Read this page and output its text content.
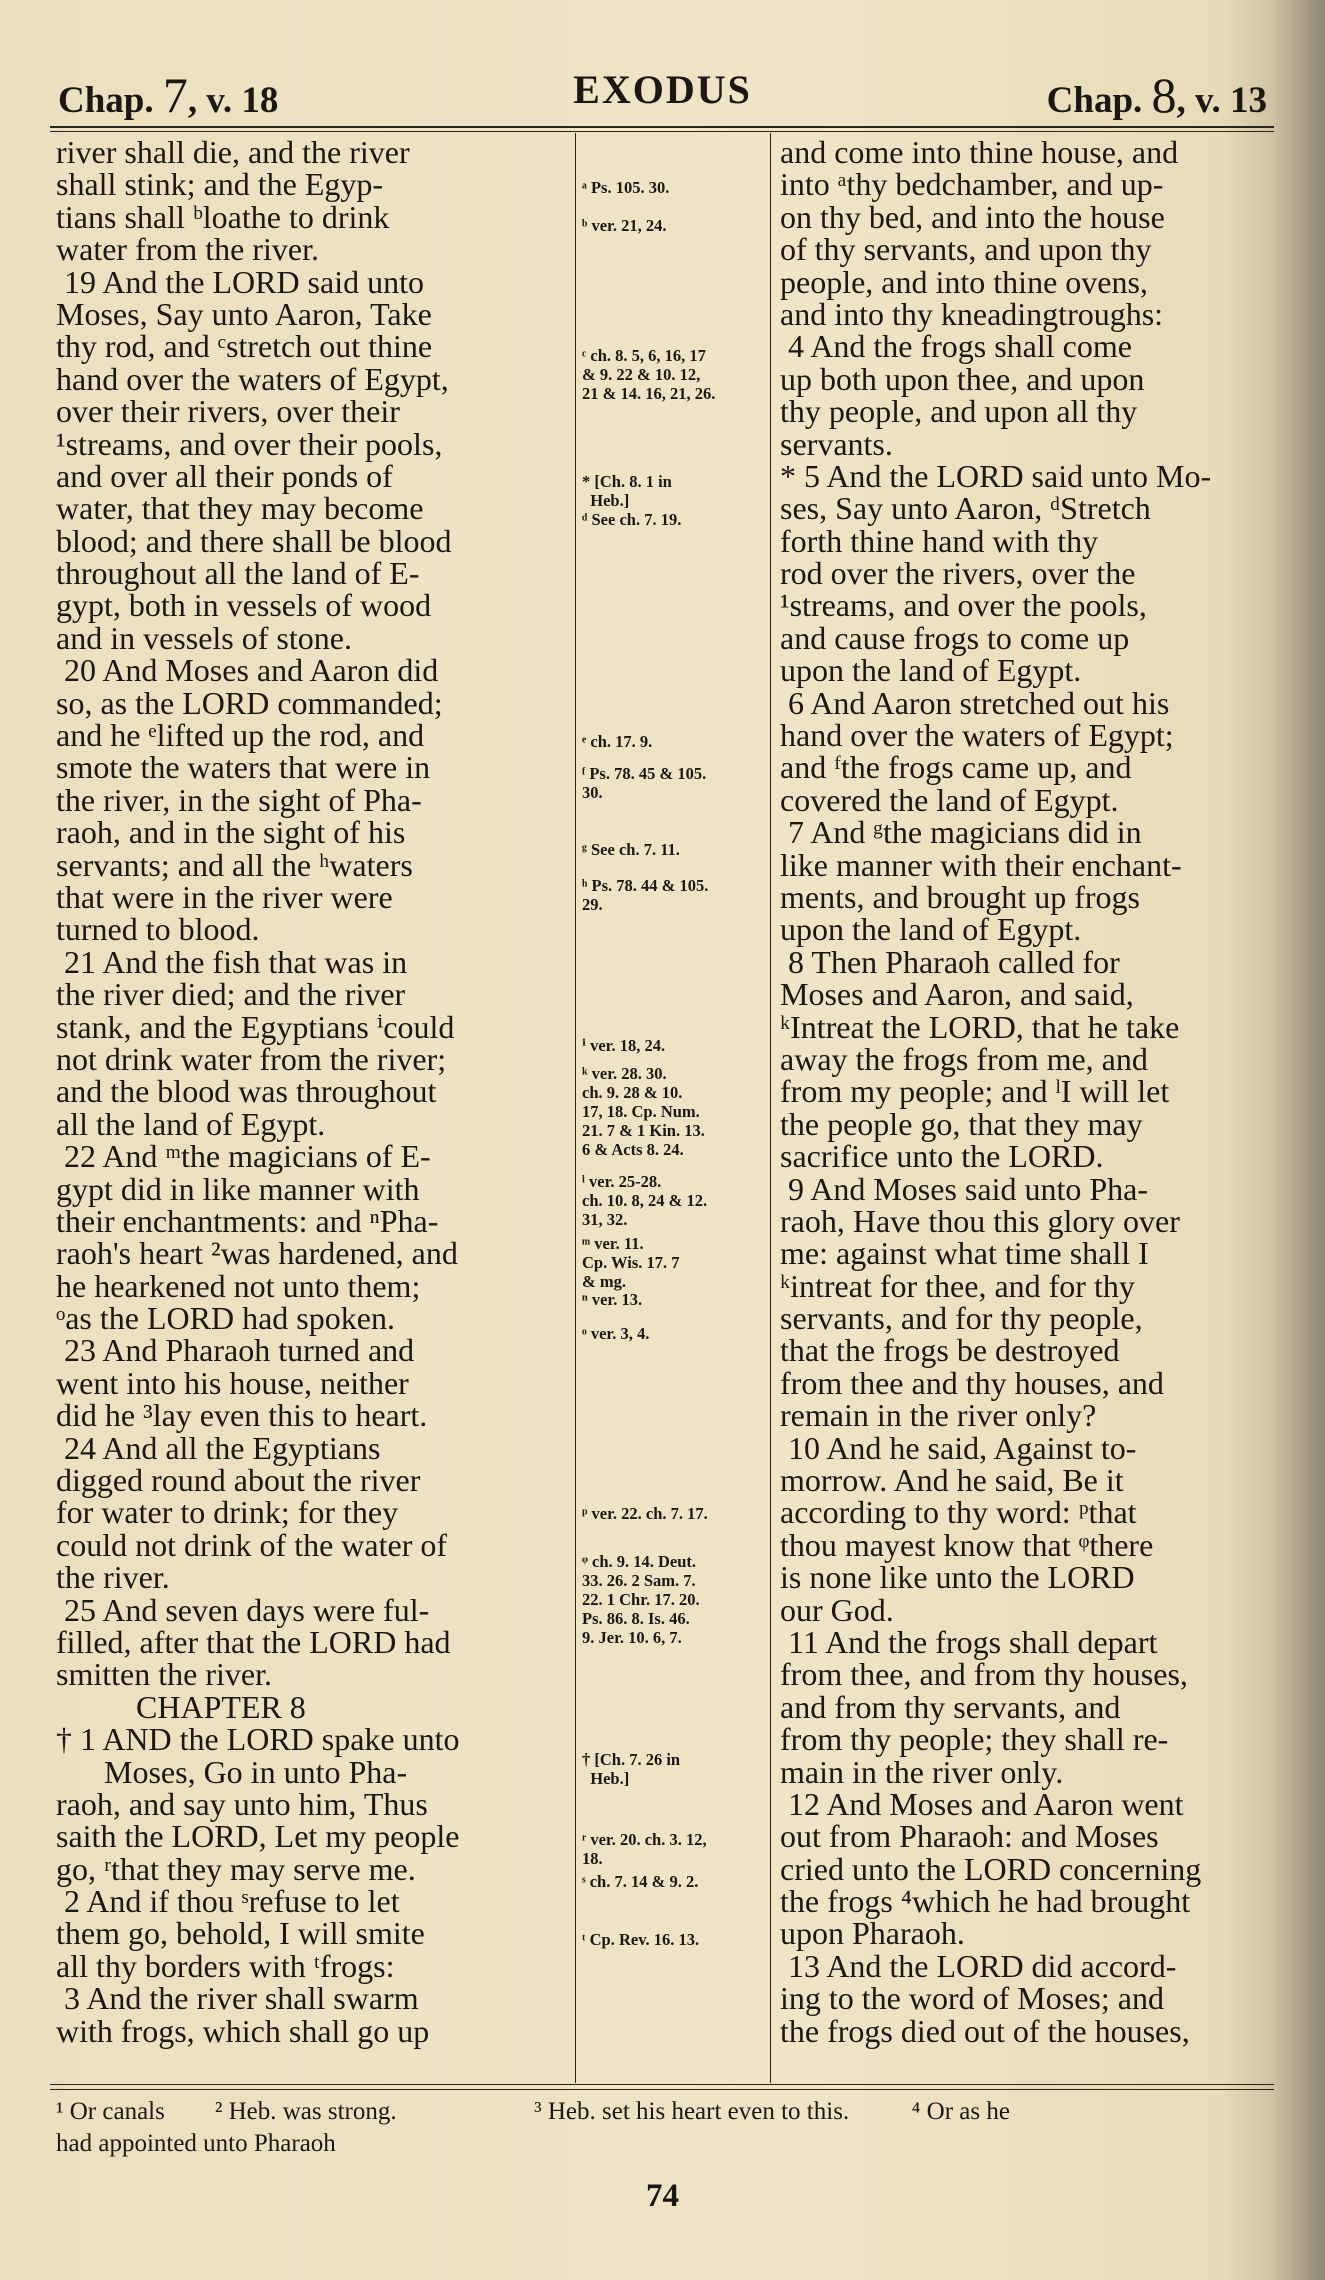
Chap. 7, v. 18	EXODUS	Chap. 8, v. 13
river shall die, and the river
shall stink; and the Egyp-
tians shall ᵇloathe to drink
water from the river.
19 And the LORD said unto
Moses, Say unto Aaron, Take
thy rod, and ᶜstretch out thine
hand over the waters of Egypt,
over their rivers, over their
¹streams, and over their pools,
and over all their ponds of
water, that they may become
blood; and there shall be blood
throughout all the land of E-
gypt, both in vessels of wood
and in vessels of stone.
20 And Moses and Aaron did
so, as the LORD commanded;
and he ᵉlifted up the rod, and
smote the waters that were in
the river, in the sight of Pha-
raoh, and in the sight of his
servants; and all the ʰwaters
that were in the river were
turned to blood.
21 And the fish that was in
the river died; and the river
stank, and the Egyptians ⁱcould
not drink water from the river;
and the blood was throughout
all the land of Egypt.
22 And ᵐthe magicians of E-
gypt did in like manner with
their enchantments: and ⁿPha-
raoh's heart ²was hardened, and
he hearkened not unto them;
ᵒas the LORD had spoken.
23 And Pharaoh turned and
went into his house, neither
did he ³lay even this to heart.
24 And all the Egyptians
digged round about the river
for water to drink; for they
could not drink of the water of
the river.
25 And seven days were ful-
filled, after that the LORD had
smitten the river.
CHAPTER 8
† 1 AND the LORD spake unto
Moses, Go in unto Pha-
raoh, and say unto him, Thus
saith the LORD, Let my people
go, ʳthat they may serve me.
2 And if thou ˢrefuse to let
them go, behold, I will smite
all thy borders with ᵗfrogs:
3 And the river shall swarm
with frogs, which shall go up
ᵃ Ps. 105. 30.
ᵇ ver. 21, 24.
ᶜ ch. 8. 5, 6, 16, 17
& 9. 22 & 10. 12,
21 & 14. 16, 21, 26.
* [Ch. 8. 1 in
Heb.]
ᵈ See ch. 7. 19.
ᵉ ch. 17. 9.
ᶠ Ps. 78. 45 & 105.
30.
ᵍ See ch. 7. 11.
ʰ Ps. 78. 44 & 105.
29.
ⁱ ver. 18, 24.
ᵏ ver. 28. 30.
ch. 9. 28 & 10.
17, 18. Cp. Num.
21. 7 & 1 Kin. 13.
6 & Acts 8. 24.
ˡ ver. 25-28.
ch. 10. 8, 24 & 12.
31, 32.
ᵐ ver. 11.
Cp. Wis. 17. 7
& mg.
ⁿ ver. 13.
ᵒ ver. 3, 4.
ᵖ ver. 22. ch. 7. 17.
ᵠ ch. 9. 14. Deut.
33. 26. 2 Sam. 7.
22. 1 Chr. 17. 20.
Ps. 86. 8. Is. 46.
9. Jer. 10. 6, 7.
† [Ch. 7. 26 in
Heb.]
ʳ ver. 20. ch. 3. 12,
18.
ˢ ch. 7. 14 & 9. 2.
ᵗ Cp. Rev. 16. 13.
and come into thine house, and
into ᵃthy bedchamber, and up-
on thy bed, and into the house
of thy servants, and upon thy
people, and into thine ovens,
and into thy kneadingtroughs:
4 And the frogs shall come
up both upon thee, and upon
thy people, and upon all thy
servants.
* 5 And the LORD said unto Mo-
ses, Say unto Aaron, ᵈStretch
forth thine hand with thy
rod over the rivers, over the
¹streams, and over the pools,
and cause frogs to come up
upon the land of Egypt.
6 And Aaron stretched out his
hand over the waters of Egypt;
and ᶠthe frogs came up, and
covered the land of Egypt.
7 And ᵍthe magicians did in
like manner with their enchant-
ments, and brought up frogs
upon the land of Egypt.
8 Then Pharaoh called for
Moses and Aaron, and said,
ᵏIntreat the LORD, that he take
away the frogs from me, and
from my people; and ˡI will let
the people go, that they may
sacrifice unto the LORD.
9 And Moses said unto Pha-
raoh, Have thou this glory over
me: against what time shall I
ᵏintreat for thee, and for thy
servants, and for thy people,
that the frogs be destroyed
from thee and thy houses, and
remain in the river only?
10 And he said, Against to-
morrow. And he said, Be it
according to thy word: ᵖthat
thou mayest know that ᵠthere
is none like unto the LORD
our God.
11 And the frogs shall depart
from thee, and from thy houses,
and from thy servants, and
from thy people; they shall re-
main in the river only.
12 And Moses and Aaron went
out from Pharaoh: and Moses
cried unto the LORD concerning
the frogs ⁴which he had brought
upon Pharaoh.
13 And the LORD did accord-
ing to the word of Moses; and
the frogs died out of the houses,
¹ Or canals        ² Heb. was strong.                      ³ Heb. set his heart even to this.          ⁴ Or as he
had appointed unto Pharaoh
74
